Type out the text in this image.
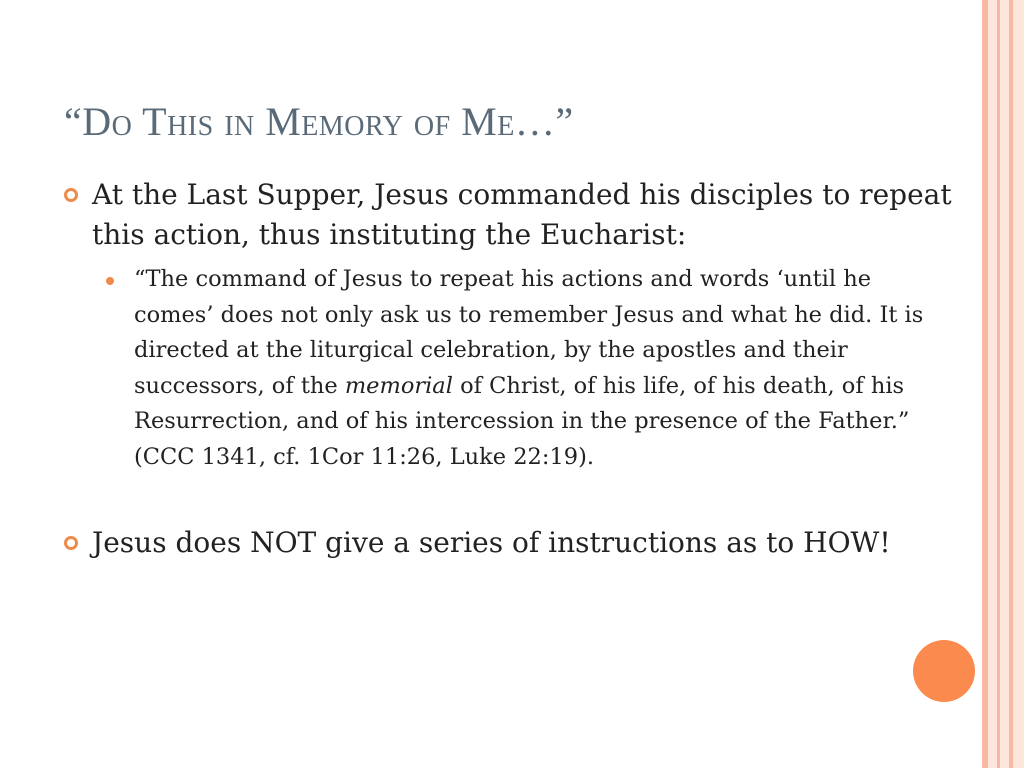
“Do This in Memory of Me…”
At the Last Supper, Jesus commanded his disciples to repeat this action, thus instituting the Eucharist:
“The command of Jesus to repeat his actions and words ‘until he comes’ does not only ask us to remember Jesus and what he did. It is directed at the liturgical celebration, by the apostles and their successors, of the memorial of Christ, of his life, of his death, of his Resurrection, and of his intercession in the presence of the Father.” (CCC 1341, cf. 1Cor 11:26, Luke 22:19).
Jesus does NOT give a series of instructions as to HOW!
